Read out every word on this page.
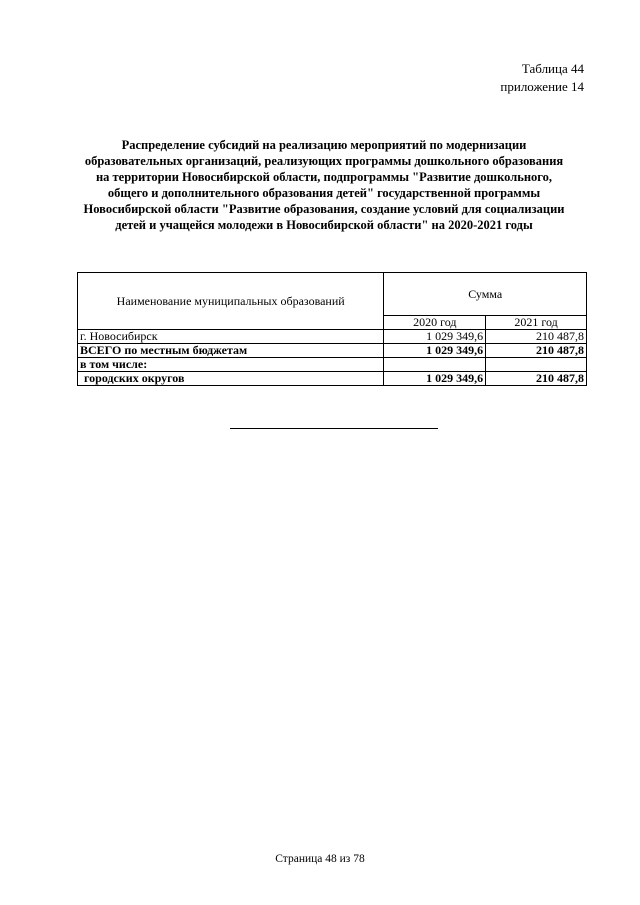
Таблица 44
приложение 14
Распределение субсидий на реализацию мероприятий по модернизации
образовательных организаций, реализующих программы дошкольного образования
на территории Новосибирской области, подпрограммы "Развитие дошкольного,
общего и дополнительного образования детей" государственной программы
Новосибирской области "Развитие образования, создание условий для социализации
детей и учащейся молодежи в Новосибирской области" на 2020-2021 годы
Наименование муниципальных образований	Сумма	
	2020 год	2021 год
г. Новосибирск	1 029 349,6	210 487,8
ВСЕГО по местным бюджетам	1 029 349,6	210 487,8
в том числе:		
городских округов	1 029 349,6	210 487,8
Страница 48 из 78
